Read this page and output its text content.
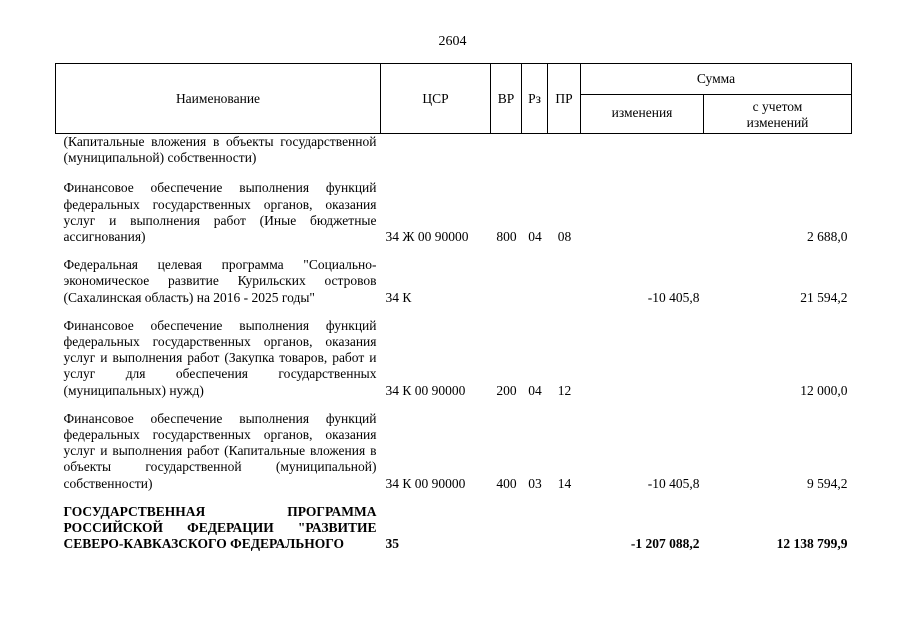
2604
Наименование	ЦСР	ВР	Рз	ПР	Сумма	
					изменения	с учетом
изменений

(Капитальные вложения в объекты государственной (муниципальной) собственности)						
Финансовое обеспечение выполнения функций федеральных государственных органов, оказания услуг и выполнения работ (Иные бюджетные ассигнования)	34 Ж 00 90000	800	04	08		2 688,0
Федеральная целевая программа "Социально-экономическое развитие Курильских островов (Сахалинская область) на 2016 - 2025 годы"	34 К				-10 405,8	21 594,2
Финансовое обеспечение выполнения функций федеральных государственных органов, оказания услуг и выполнения работ (Закупка товаров, работ и услуг для обеспечения государственных (муниципальных) нужд)	34 К 00 90000	200	04	12		12 000,0
Финансовое обеспечение выполнения функций федеральных государственных органов, оказания услуг и выполнения работ (Капитальные вложения в объекты государственной (муниципальной) собственности)	34 К 00 90000	400	03	14	-10 405,8	9 594,2
ГОСУДАРСТВЕННАЯ ПРОГРАММА РОССИЙСКОЙ ФЕДЕРАЦИИ "РАЗВИТИЕ СЕВЕРО-КАВКАЗСКОГО ФЕДЕРАЛЬНОГО	35				-1 207 088,2	12 138 799,9
